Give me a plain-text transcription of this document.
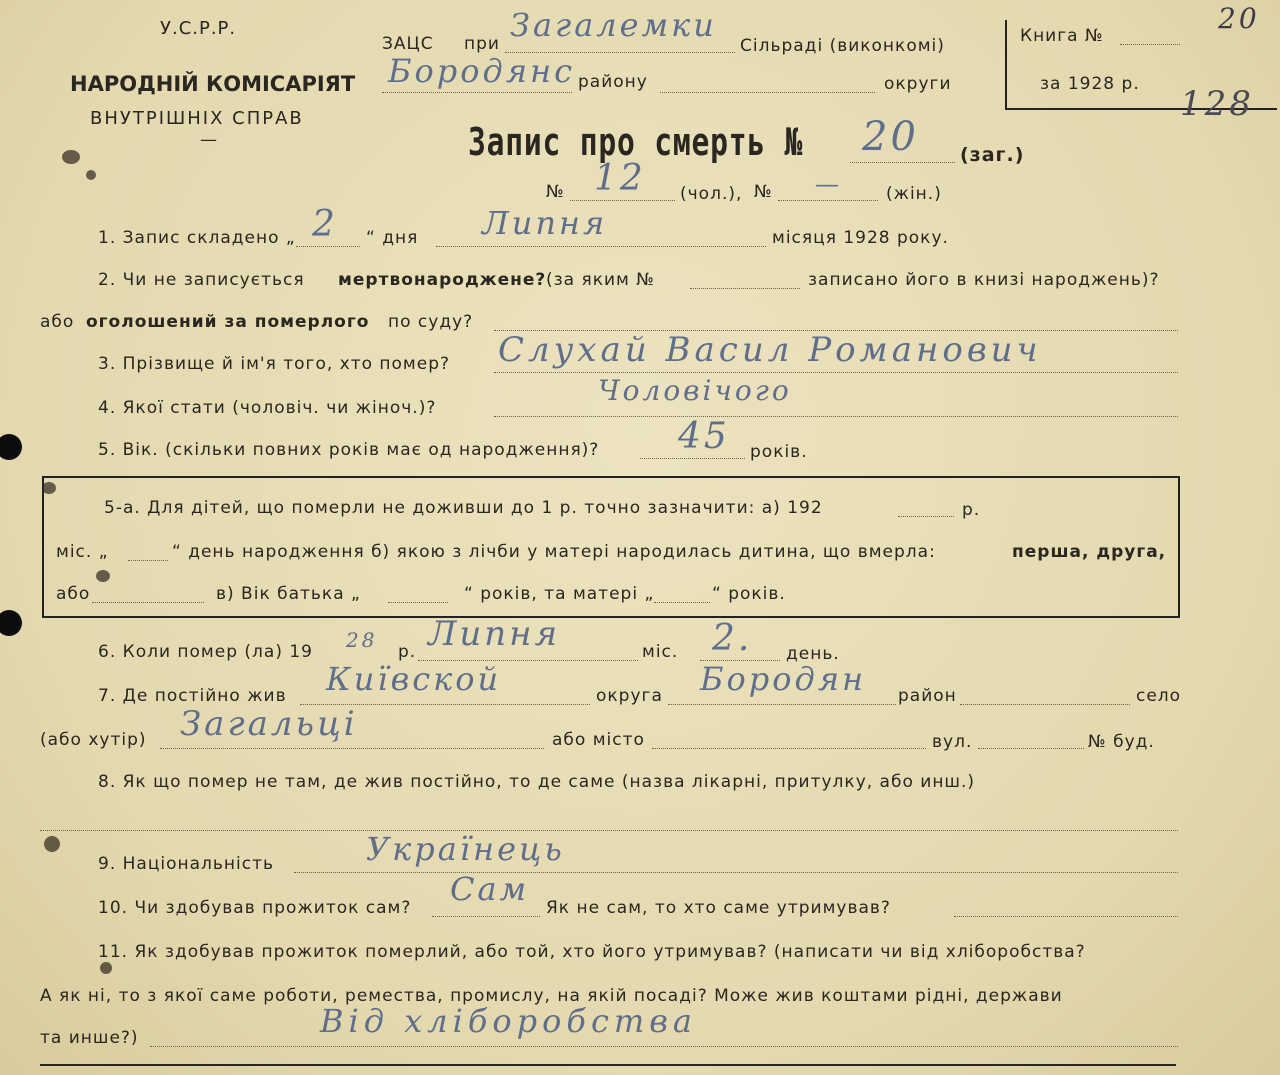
У.С.Р.Р.
НАРОДНІЙ КОМІСАРІЯТ
ВНУТРІШНІХ СПРАВ
—
ЗАЦС при Загалемки
Сільраді (виконкомі)
Бородянс району	округи
Книга №
за 1928 р.
20
128
Запис про смерть № 20 (заг.)
№ 12 (чол.), № —	(жін.)
1. Запис складено „ 2 “ дня Липня	місяця 1928 року.
2. Чи не записується мертвонароджене? (за яким №	записано його в книзі народжень)?
або оголошений за померлого по суду?
3. Прізвище й ім'я того, хто помер? Слухай Васил Романович
4. Якої стати (чоловіч. чи жіноч.)?
Чоловічого
5. Вік. (скільки повних років має од народження)? 45 років.
5-а. Для дітей, що померли не доживши до 1 р. точно зазначити: а) 192	р.
міс. „	“ день народження б) якою з лічби у матері народилась дитина, що вмерла:	перша, друга,
або	в) Вік батька „	“ років, та матері „	“ років.
6. Коли помер (ла) 19 28 р. Липня	міс. 2. день.
7. Де постійно жив Київской	округа Бородян район	село
(або хутір) Загальці	або місто	вул.	№ буд.
8. Як що помер не там, де жив постійно, то де саме (назва лікарні, притулку, або инш.)
9. Національність	Українець
10. Чи здобував прожиток сам? Сам Як не сам, то хто саме утримував?
11. Як здобував прожиток померлий, або той, хто його утримував? (написати чи від хліборобства?
А як ні, то з якої саме роботи, ремества, промислу, на якій посаді? Може жив коштами рідні, держави
та инше?)	Від хліборобства
